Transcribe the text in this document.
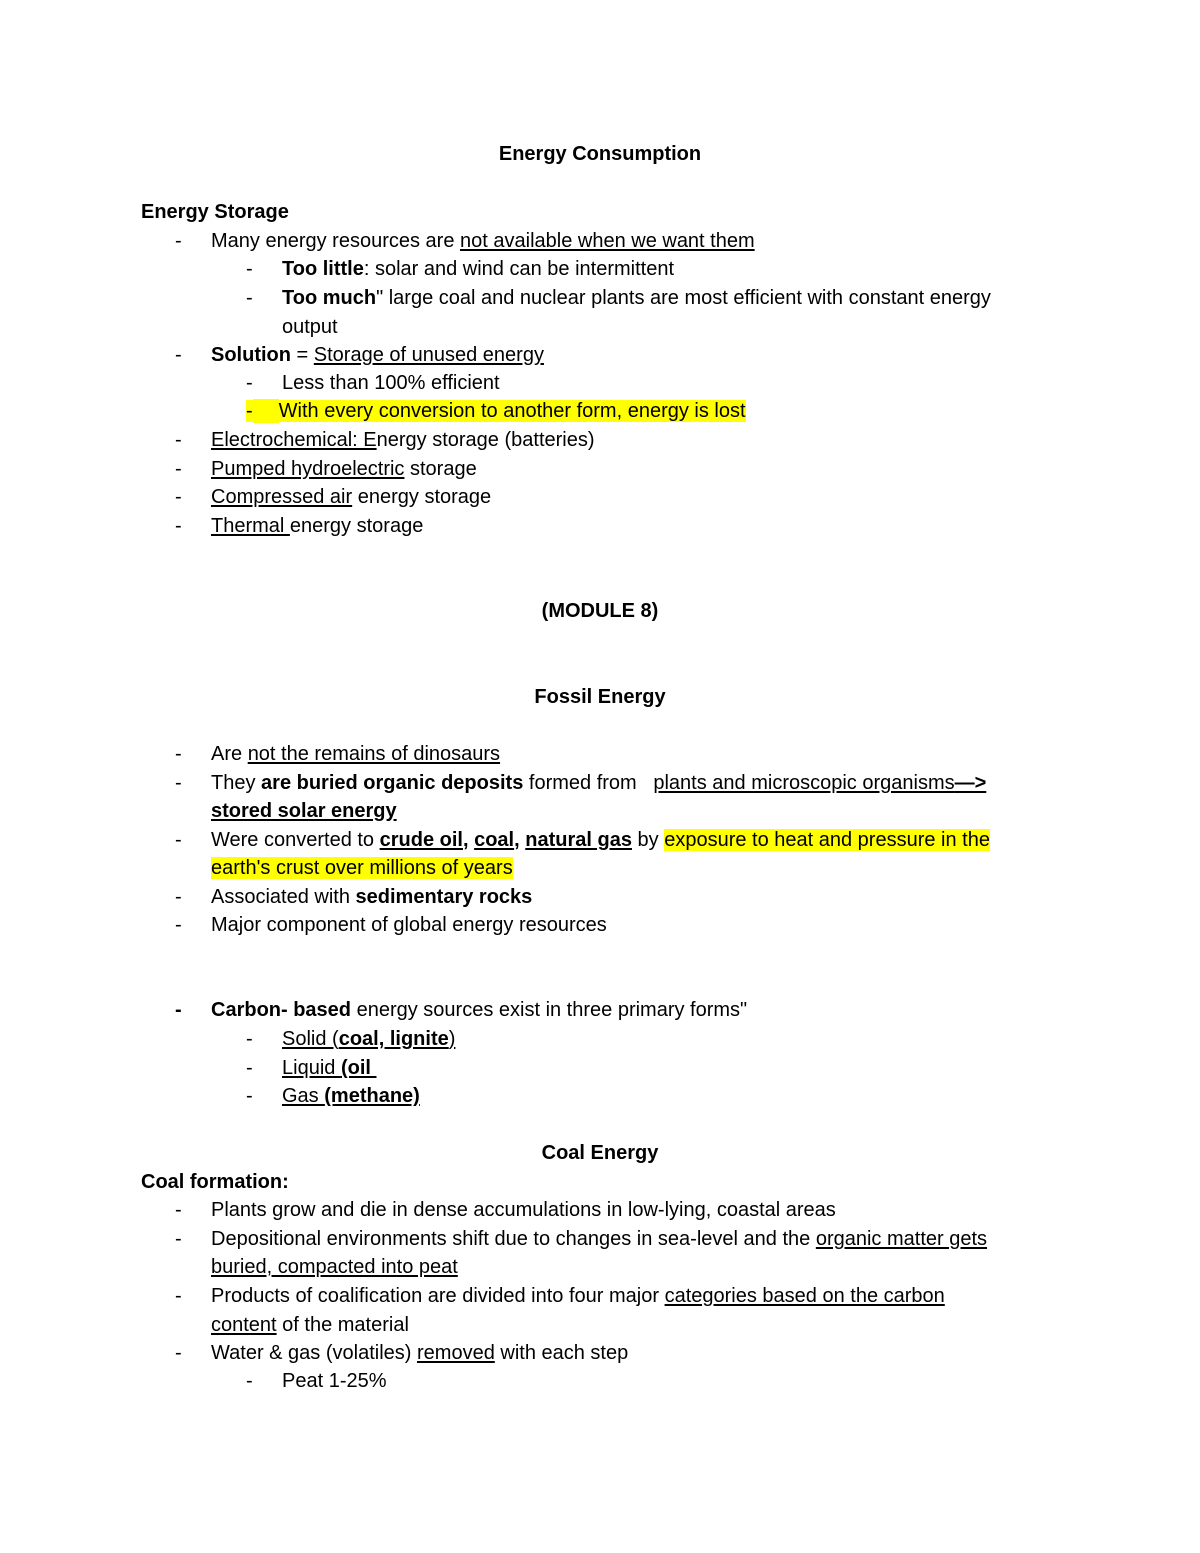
Energy Consumption
Energy Storage
- Many energy resources are not available when we want them
- Too little: solar and wind can be intermittent
- Too much" large coal and nuclear plants are most efficient with constant energy
output
- Solution = Storage of unused energy
- Less than 100% efficient
- With every conversion to another form, energy is lost
- Electrochemical: Energy storage (batteries)
- Pumped hydroelectric storage
- Compressed air energy storage
- Thermal energy storage
(MODULE 8)
Fossil Energy
- Are not the remains of dinosaurs
- They are buried organic deposits formed from   plants and microscopic organisms—>
stored solar energy
- Were converted to crude oil, coal, natural gas by exposure to heat and pressure in the
earth's crust over millions of years
- Associated with sedimentary rocks
- Major component of global energy resources
- Carbon- based energy sources exist in three primary forms"
- Solid (coal, lignite)
- Liquid (oil
- Gas (methane)
Coal Energy
Coal formation:
- Plants grow and die in dense accumulations in low-lying, coastal areas
- Depositional environments shift due to changes in sea-level and the organic matter gets
buried, compacted into peat
- Products of coalification are divided into four major categories based on the carbon
content of the material
- Water & gas (volatiles) removed with each step
- Peat 1-25%
